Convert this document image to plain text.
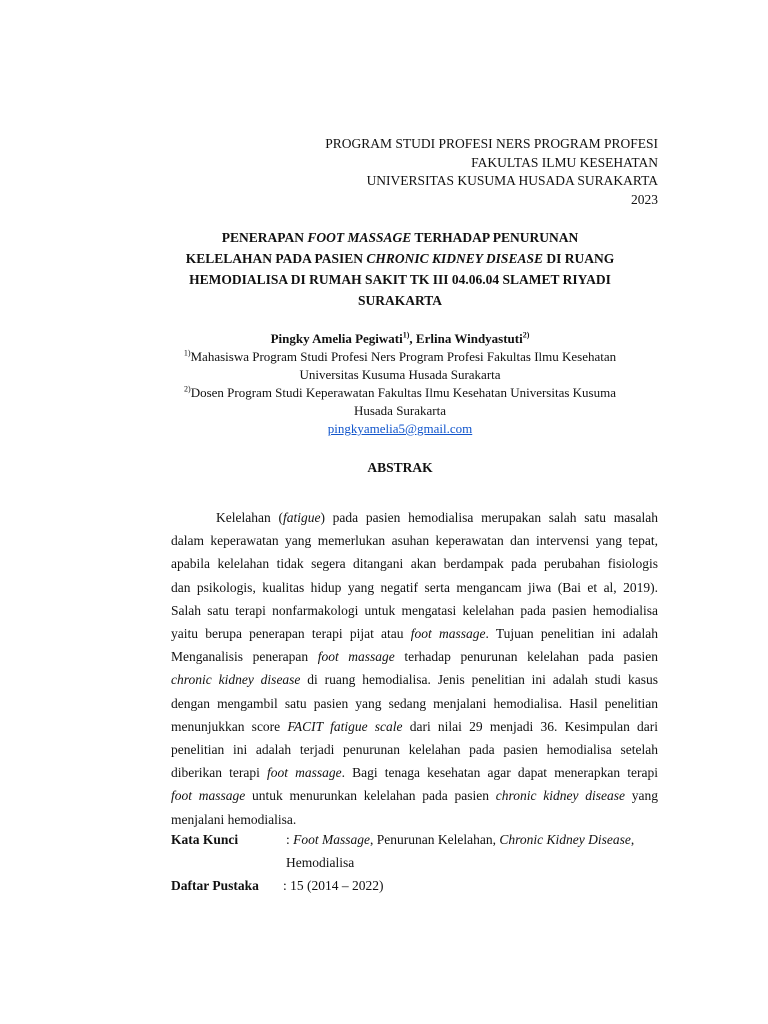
PROGRAM STUDI PROFESI NERS PROGRAM PROFESI
FAKULTAS ILMU KESEHATAN
UNIVERSITAS KUSUMA HUSADA SURAKARTA
2023
PENERAPAN FOOT MASSAGE TERHADAP PENURUNAN
KELELAHAN PADA PASIEN CHRONIC KIDNEY DISEASE DI RUANG
HEMODIALISA DI RUMAH SAKIT TK III 04.06.04 SLAMET RIYADI
SURAKARTA
Pingky Amelia Pegiwati$^{1)}$, Erlina Windyastuti$^{2)}$
$^{1)}$Mahasiswa Program Studi Profesi Ners Program Profesi Fakultas Ilmu Kesehatan
Universitas Kusuma Husada Surakarta
$^{2)}$Dosen Program Studi Keperawatan Fakultas Ilmu Kesehatan Universitas Kusuma
Husada Surakarta
pingkyamelia5@gmail.com
ABSTRAK
Kelelahan (fatigue) pada pasien hemodialisa merupakan salah satu masalah
dalam keperawatan yang memerlukan asuhan keperawatan dan intervensi yang tepat,
apabila kelelahan tidak segera ditangani akan berdampak pada perubahan fisiologis
dan psikologis, kualitas hidup yang negatif serta mengancam jiwa (Bai et al, 2019).
Salah satu terapi nonfarmakologi untuk mengatasi kelelahan pada pasien hemodialisa
yaitu berupa penerapan terapi pijat atau foot massage. Tujuan penelitian ini adalah
Menganalisis penerapan foot massage terhadap penurunan kelelahan pada pasien
chronic kidney disease di ruang hemodialisa. Jenis penelitian ini adalah studi kasus
dengan mengambil satu pasien yang sedang menjalani hemodialisa. Hasil penelitian
menunjukkan score FACIT fatigue scale dari nilai 29 menjadi 36. Kesimpulan dari
penelitian ini adalah terjadi penurunan kelelahan pada pasien hemodialisa setelah
diberikan terapi foot massage. Bagi tenaga kesehatan agar dapat menerapkan terapi
foot massage untuk menurunkan kelelahan pada pasien chronic kidney disease yang
menjalani hemodialisa.
Kata Kunci	: Foot Massage, Penurunan Kelelahan, Chronic Kidney Disease,
Hemodialisa
Daftar Pustaka : 15 (2014 – 2022)
